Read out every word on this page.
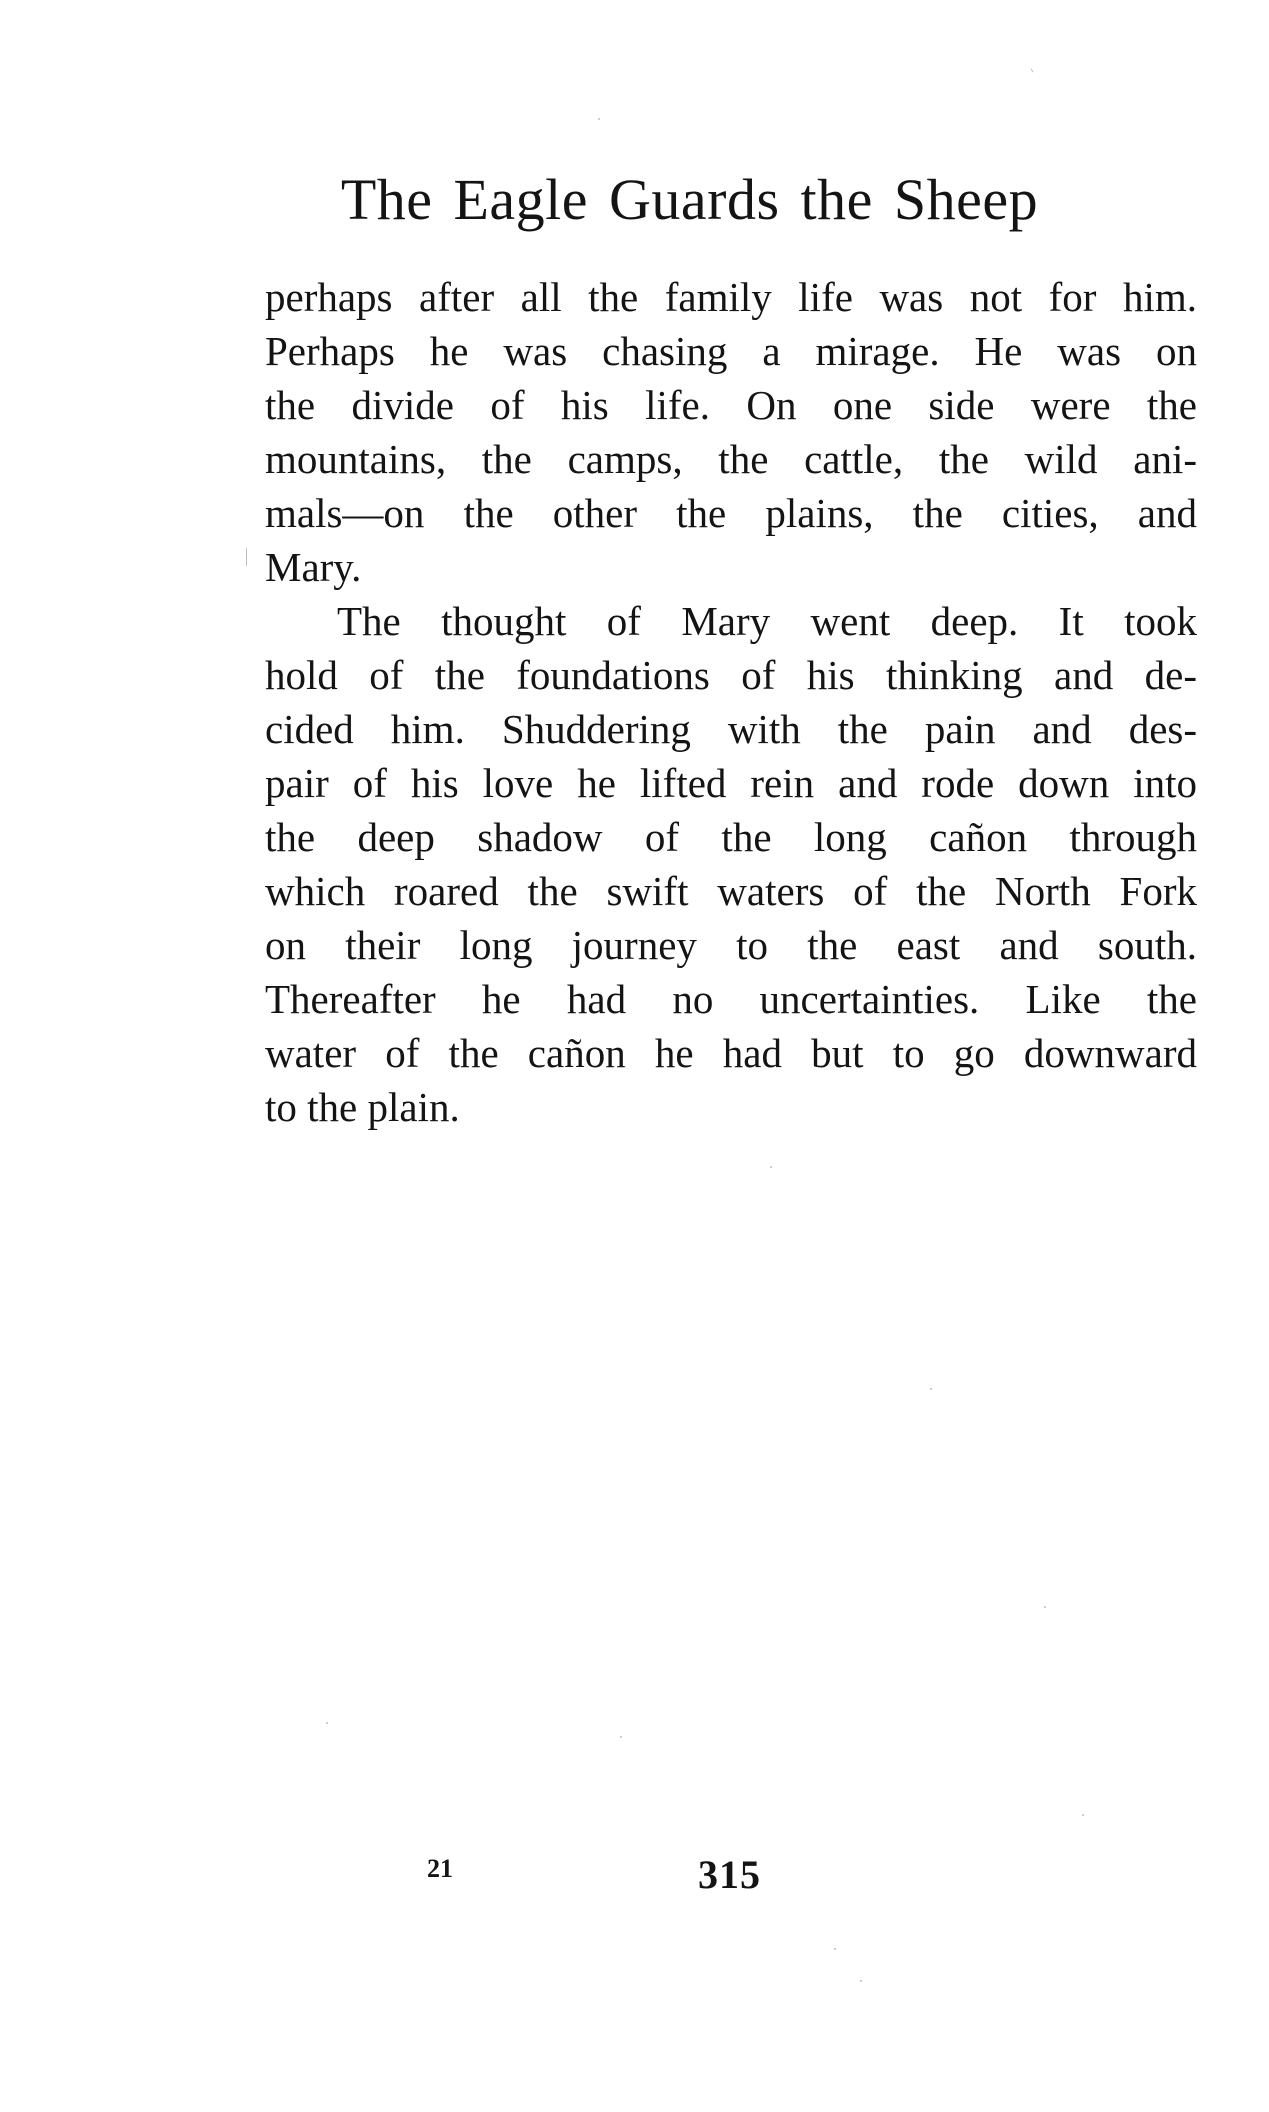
The Eagle Guards the Sheep
perhaps after all the family life was not for him.
Perhaps he was chasing a mirage. He was on
the divide of his life. On one side were the
mountains, the camps, the cattle, the wild ani-
mals—on the other the plains, the cities, and
Mary.
The thought of Mary went deep. It took
hold of the foundations of his thinking and de-
cided him. Shuddering with the pain and des-
pair of his love he lifted rein and rode down into
the deep shadow of the long cañon through
which roared the swift waters of the North Fork
on their long journey to the east and south.
Thereafter he had no uncertainties. Like the
water of the cañon he had but to go downward
to the plain.
21	315
